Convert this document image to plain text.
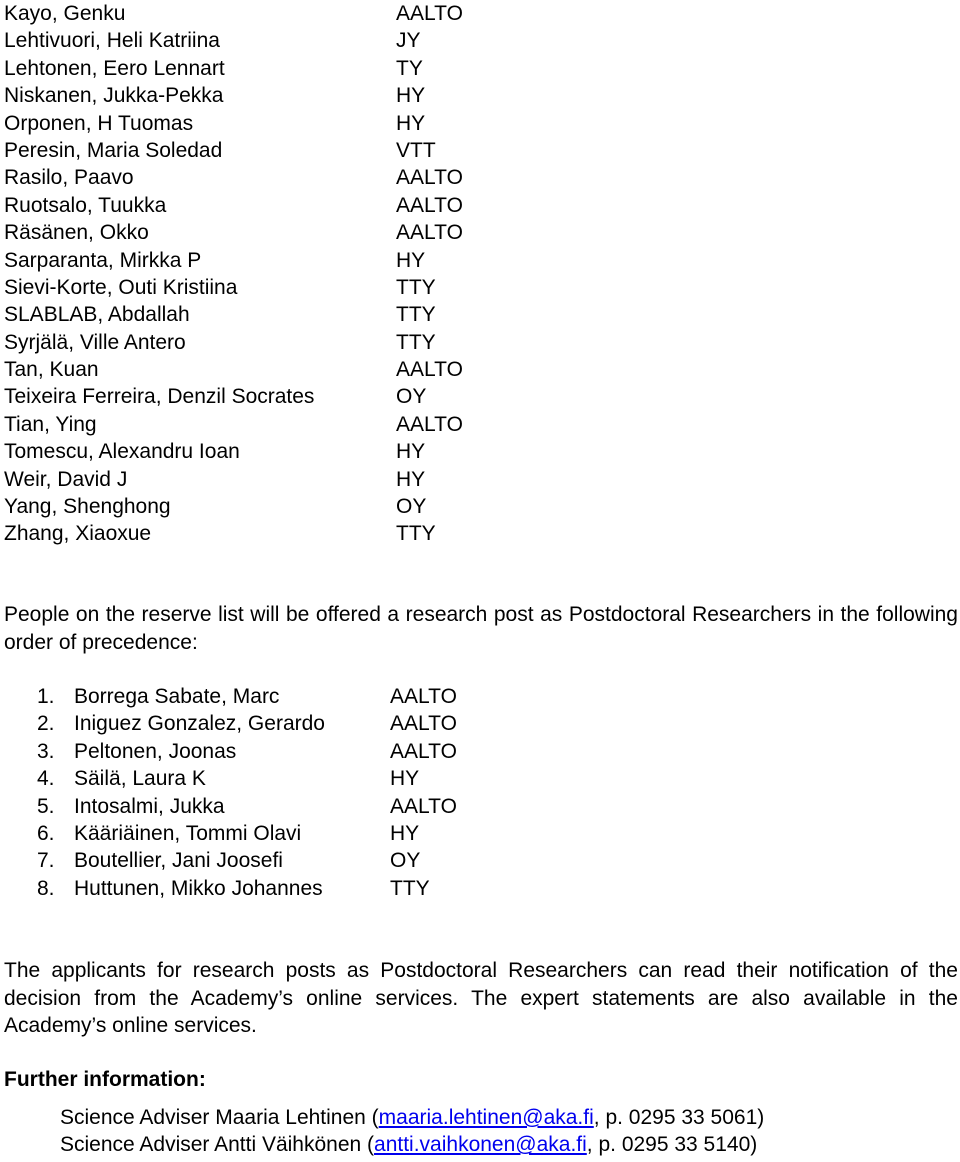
Kayo, Genku	AALTO
Lehtivuori, Heli Katriina	JY
Lehtonen, Eero Lennart	TY
Niskanen, Jukka-Pekka	HY
Orponen, H Tuomas	HY
Peresin, Maria Soledad	VTT
Rasilo, Paavo	AALTO
Ruotsalo, Tuukka	AALTO
Räsänen, Okko	AALTO
Sarparanta, Mirkka P	HY
Sievi-Korte, Outi Kristiina	TTY
SLABLAB, Abdallah	TTY
Syrjälä, Ville Antero	TTY
Tan, Kuan	AALTO
Teixeira Ferreira, Denzil Socrates	OY
Tian, Ying	AALTO
Tomescu, Alexandru Ioan	HY
Weir, David J	HY
Yang, Shenghong	OY
Zhang, Xiaoxue	TTY

People on the reserve list will be offered a research post as Postdoctoral Researchers in the following order of precedence:

1. Borrega Sabate, Marc	AALTO
2. Iniguez Gonzalez, Gerardo	AALTO
3. Peltonen, Joonas	AALTO
4. Säilä, Laura K	HY
5. Intosalmi, Jukka	AALTO
6. Kääriäinen, Tommi Olavi	HY
7. Boutellier, Jani Joosefi	OY
8. Huttunen, Mikko Johannes	TTY

The applicants for research posts as Postdoctoral Researchers can read their notification of the decision from the Academy’s online services. The expert statements are also available in the Academy’s online services.

Further information:
Science Adviser Maaria Lehtinen (maaria.lehtinen@aka.fi, p. 0295 33 5061)
Science Adviser Antti Väihkönen (antti.vaihkonen@aka.fi, p. 0295 33 5140)
